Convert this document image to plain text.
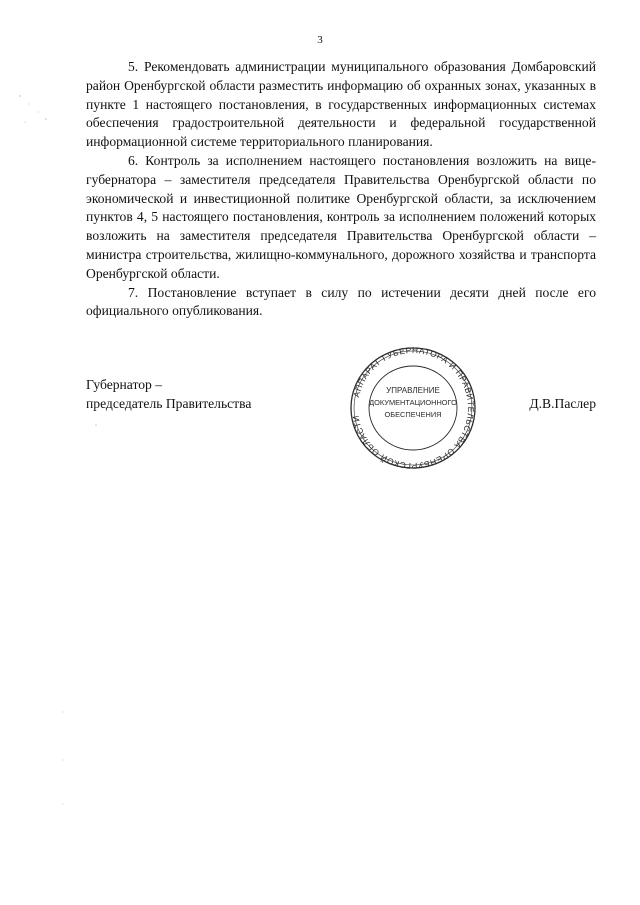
3

5. Рекомендовать администрации муниципального образования Домбаровский район Оренбургской области разместить информацию об охранных зонах, указанных в пункте 1 настоящего постановления, в государственных информационных системах обеспечения градостроительной деятельности и федеральной государственной информационной системе территориального планирования.

6. Контроль за исполнением настоящего постановления возложить на вице-губернатора – заместителя председателя Правительства Оренбургской области по экономической и инвестиционной политике Оренбургской области, за исключением пунктов 4, 5 настоящего постановления, контроль за исполнением положений которых возложить на заместителя председателя Правительства Оренбургской области – министра строительства, жилищно-коммунального, дорожного хозяйства и транспорта Оренбургской области.

7. Постановление вступает в силу по истечении десяти дней после его официального опубликования.

Губернатор –
председатель Правительства
АППАРАТ ГУБЕРНАТОРА И ПРАВИТЕЛЬСТВА ОРЕНБУРГСКОЙ ОБЛАСТИ
УПРАВЛЕНИЕ
ДОКУМЕНТАЦИОННОГО
ОБЕСПЕЧЕНИЯ
Д.В.Паслер
